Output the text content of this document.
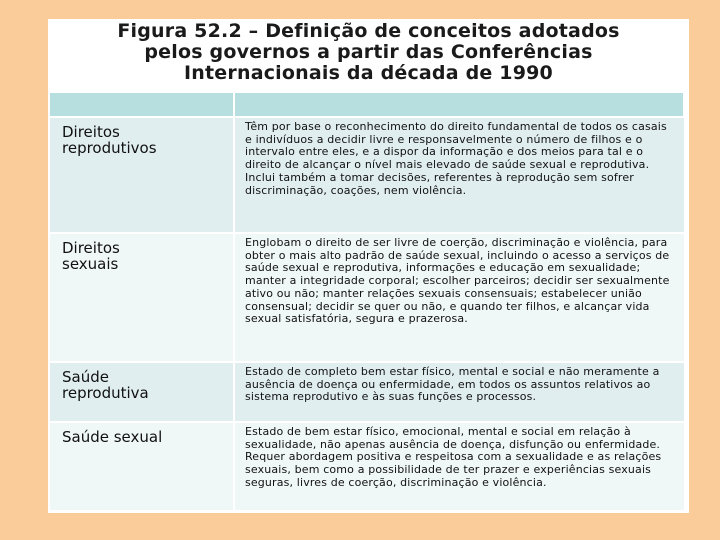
Figura 52.2 – Definição de conceitos adotados
pelos governos a partir das Conferências
Internacionais da década de 1990

Direitos
reprodutivos	Têm por base o reconhecimento do direito fundamental de todos os casais e indivíduos a decidir livre e responsavelmente o número de filhos e o intervalo entre eles, e a dispor da informação e dos meios para tal e o direito de alcançar o nível mais elevado de saúde sexual e reprodutiva. Inclui também a tomar decisões, referentes à reprodução sem sofrer discriminação, coações, nem violência.

Direitos
sexuais	Englobam o direito de ser livre de coerção, discriminação e violência, para obter o mais alto padrão de saúde sexual, incluindo o acesso a serviços de saúde sexual e reprodutiva, informações e educação em sexualidade; manter a integridade corporal; escolher parceiros; decidir ser sexualmente ativo ou não; manter relações sexuais consensuais; estabelecer união consensual; decidir se quer ou não, e quando ter filhos, e alcançar vida sexual satisfatória, segura e prazerosa.

Saúde
reprodutiva	Estado de completo bem estar físico, mental e social e não meramente a ausência de doença ou enfermidade, em todos os assuntos relativos ao sistema reprodutivo e às suas funções e processos.

Saúde sexual	Estado de bem estar físico, emocional, mental e social em relação à sexualidade, não apenas ausência de doença, disfunção ou enfermidade. Requer abordagem positiva e respeitosa com a sexualidade e as relações sexuais, bem como a possibilidade de ter prazer e experiências sexuais seguras, livres de coerção, discriminação e violência.
